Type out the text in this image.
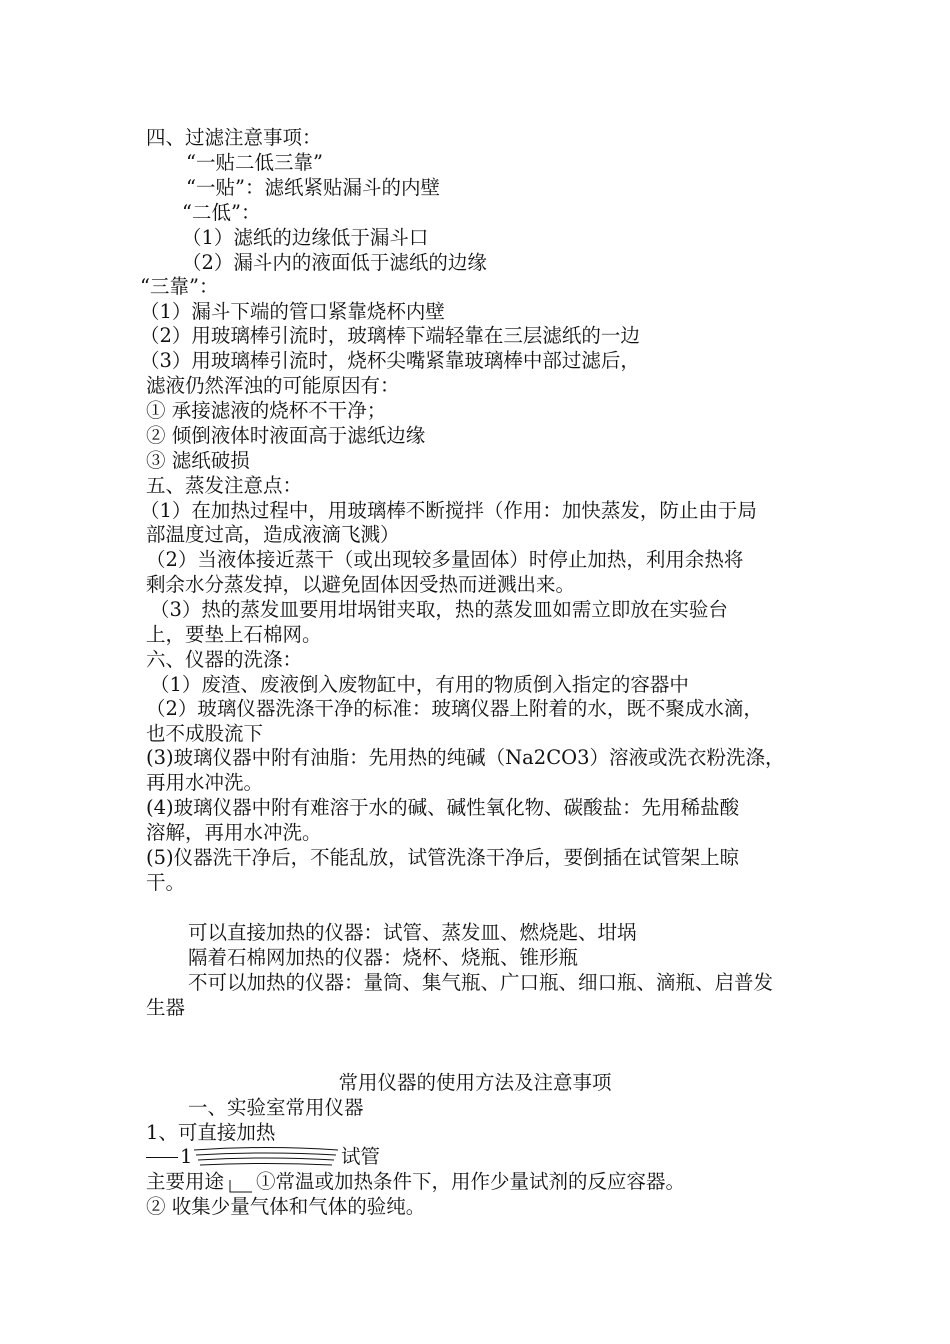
四、过滤注意事项：
“一贴二低三靠”
“一贴”：滤纸紧贴漏斗的内壁
“二低”：
（1）滤纸的边缘低于漏斗口
（2）漏斗内的液面低于滤纸的边缘
“三靠”：
（1）漏斗下端的管口紧靠烧杯内壁
（2）用玻璃棒引流时，玻璃棒下端轻靠在三层滤纸的一边
（3）用玻璃棒引流时，烧杯尖嘴紧靠玻璃棒中部过滤后，
滤液仍然浑浊的可能原因有：
① 承接滤液的烧杯不干净；
② 倾倒液体时液面高于滤纸边缘
③ 滤纸破损
五、蒸发注意点：
（1）在加热过程中，用玻璃棒不断搅拌（作用：加快蒸发，防止由于局
部温度过高，造成液滴飞溅）
（2）当液体接近蒸干（或出现较多量固体）时停止加热，利用余热将
剩余水分蒸发掉，以避免固体因受热而迸溅出来。
（3）热的蒸发皿要用坩埚钳夹取，热的蒸发皿如需立即放在实验台
上，要垫上石棉网。
六、仪器的洗涤：
（1）废渣、废液倒入废物缸中，有用的物质倒入指定的容器中
（2）玻璃仪器洗涤干净的标准：玻璃仪器上附着的水，既不聚成水滴，
也不成股流下
(3)玻璃仪器中附有油脂：先用热的纯碱（Na2CO3）溶液或洗衣粉洗涤，
再用水冲洗。
(4)玻璃仪器中附有难溶于水的碱、碱性氧化物、碳酸盐：先用稀盐酸
溶解，再用水冲洗。
(5)仪器洗干净后，不能乱放，试管洗涤干净后，要倒插在试管架上晾
干。
可以直接加热的仪器：试管、蒸发皿、燃烧匙、坩埚
隔着石棉网加热的仪器：烧杯、烧瓶、锥形瓶
不可以加热的仪器：量筒、集气瓶、广口瓶、细口瓶、滴瓶、启普发
生器
常用仪器的使用方法及注意事项
一、实验室常用仪器
1、可直接加热
1	试管
主要用途	①常温或加热条件下，用作少量试剂的反应容器。
② 收集少量气体和气体的验纯。
